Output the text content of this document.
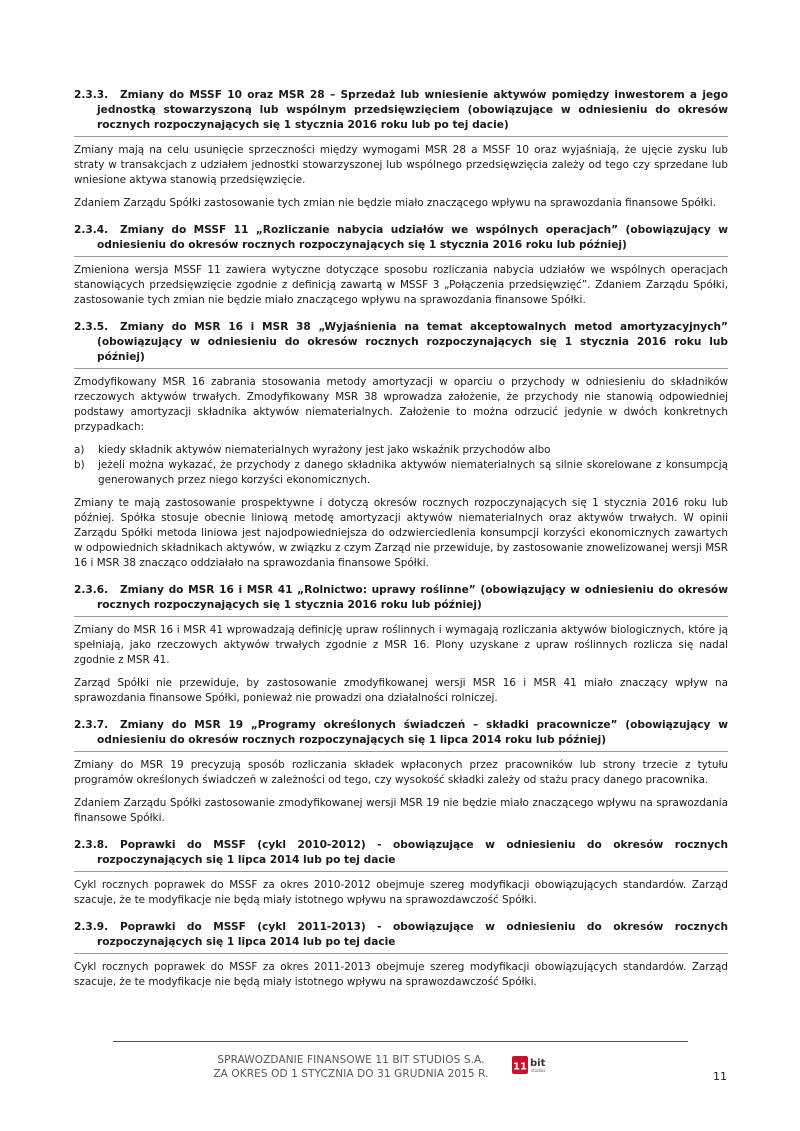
2.3.3. Zmiany do MSSF 10 oraz MSR 28 – Sprzedaż lub wniesienie aktywów pomiędzy inwestorem a jego jednostką stowarzyszoną lub wspólnym przedsięwzięciem (obowiązujące w odniesieniu do okresów rocznych rozpoczynających się 1 stycznia 2016 roku lub po tej dacie)

Zmiany mają na celu usunięcie sprzeczności między wymogami MSR 28 a MSSF 10 oraz wyjaśniają, że ujęcie zysku lub straty w transakcjach z udziałem jednostki stowarzyszonej lub wspólnego przedsięwzięcia zależy od tego czy sprzedane lub wniesione aktywa stanowią przedsięwzięcie.

Zdaniem Zarządu Spółki zastosowanie tych zmian nie będzie miało znaczącego wpływu na sprawozdania finansowe Spółki.

2.3.4. Zmiany do MSSF 11 „Rozliczanie nabycia udziałów we wspólnych operacjach” (obowiązujący w odniesieniu do okresów rocznych rozpoczynających się 1 stycznia 2016 roku lub później)

Zmieniona wersja MSSF 11 zawiera wytyczne dotyczące sposobu rozliczania nabycia udziałów we wspólnych operacjach stanowiących przedsięwzięcie zgodnie z definicją zawartą w MSSF 3 „Połączenia przedsięwzięć”. Zdaniem Zarządu Spółki, zastosowanie tych zmian nie będzie miało znaczącego wpływu na sprawozdania finansowe Spółki.

2.3.5. Zmiany do MSR 16 i MSR 38 „Wyjaśnienia na temat akceptowalnych metod amortyzacyjnych” (obowiązujący w odniesieniu do okresów rocznych rozpoczynających się 1 stycznia 2016 roku lub później)

Zmodyfikowany MSR 16 zabrania stosowania metody amortyzacji w oparciu o przychody w odniesieniu do składników rzeczowych aktywów trwałych. Zmodyfikowany MSR 38 wprowadza założenie, że przychody nie stanowią odpowiedniej podstawy amortyzacji składnika aktywów niematerialnych. Założenie to można odrzucić jedynie w dwóch konkretnych przypadkach:

a) kiedy składnik aktywów niematerialnych wyrażony jest jako wskaźnik przychodów albo
b) jeżeli można wykazać, że przychody z danego składnika aktywów niematerialnych są silnie skorelowane z konsumpcją generowanych przez niego korzyści ekonomicznych.

Zmiany te mają zastosowanie prospektywne i dotyczą okresów rocznych rozpoczynających się 1 stycznia 2016 roku lub później. Spółka stosuje obecnie liniową metodę amortyzacji aktywów niematerialnych oraz aktywów trwałych. W opinii Zarządu Spółki metoda liniowa jest najodpowiedniejsza do odzwierciedlenia konsumpcji korzyści ekonomicznych zawartych w odpowiednich składnikach aktywów, w związku z czym Zarząd nie przewiduje, by zastosowanie znowelizowanej wersji MSR 16 i MSR 38 znacząco oddziałało na sprawozdania finansowe Spółki.

2.3.6. Zmiany do MSR 16 i MSR 41 „Rolnictwo: uprawy roślinne” (obowiązujący w odniesieniu do okresów rocznych rozpoczynających się 1 stycznia 2016 roku lub później)

Zmiany do MSR 16 i MSR 41 wprowadzają definicję upraw roślinnych i wymagają rozliczania aktywów biologicznych, które ją spełniają, jako rzeczowych aktywów trwałych zgodnie z MSR 16. Plony uzyskane z upraw roślinnych rozlicza się nadal zgodnie z MSR 41.

Zarząd Spółki nie przewiduje, by zastosowanie zmodyfikowanej wersji MSR 16 i MSR 41 miało znaczący wpływ na sprawozdania finansowe Spółki, ponieważ nie prowadzi ona działalności rolniczej.

2.3.7. Zmiany do MSR 19 „Programy określonych świadczeń – składki pracownicze” (obowiązujący w odniesieniu do okresów rocznych rozpoczynających się 1 lipca 2014 roku lub później)

Zmiany do MSR 19 precyzują sposób rozliczania składek wpłaconych przez pracowników lub strony trzecie z tytułu programów określonych świadczeń w zależności od tego, czy wysokość składki zależy od stażu pracy danego pracownika.

Zdaniem Zarządu Spółki zastosowanie zmodyfikowanej wersji MSR 19 nie będzie miało znaczącego wpływu na sprawozdania finansowe Spółki.

2.3.8. Poprawki do MSSF (cykl 2010-2012) - obowiązujące w odniesieniu do okresów rocznych rozpoczynających się 1 lipca 2014 lub po tej dacie

Cykl rocznych poprawek do MSSF za okres 2010-2012 obejmuje szereg modyfikacji obowiązujących standardów. Zarząd szacuje, że te modyfikacje nie będą miały istotnego wpływu na sprawozdawczość Spółki.

2.3.9. Poprawki do MSSF (cykl 2011-2013) - obowiązujące w odniesieniu do okresów rocznych rozpoczynających się 1 lipca 2014 lub po tej dacie

Cykl rocznych poprawek do MSSF za okres 2011-2013 obejmuje szereg modyfikacji obowiązujących standardów. Zarząd szacuje, że te modyfikacje nie będą miały istotnego wpływu na sprawozdawczość Spółki.

SPRAWOZDANIE FINANSOWE 11 BIT STUDIOS S.A.
ZA OKRES OD 1 STYCZNIA DO 31 GRUDNIA 2015 R.
11 bit
studios	11
